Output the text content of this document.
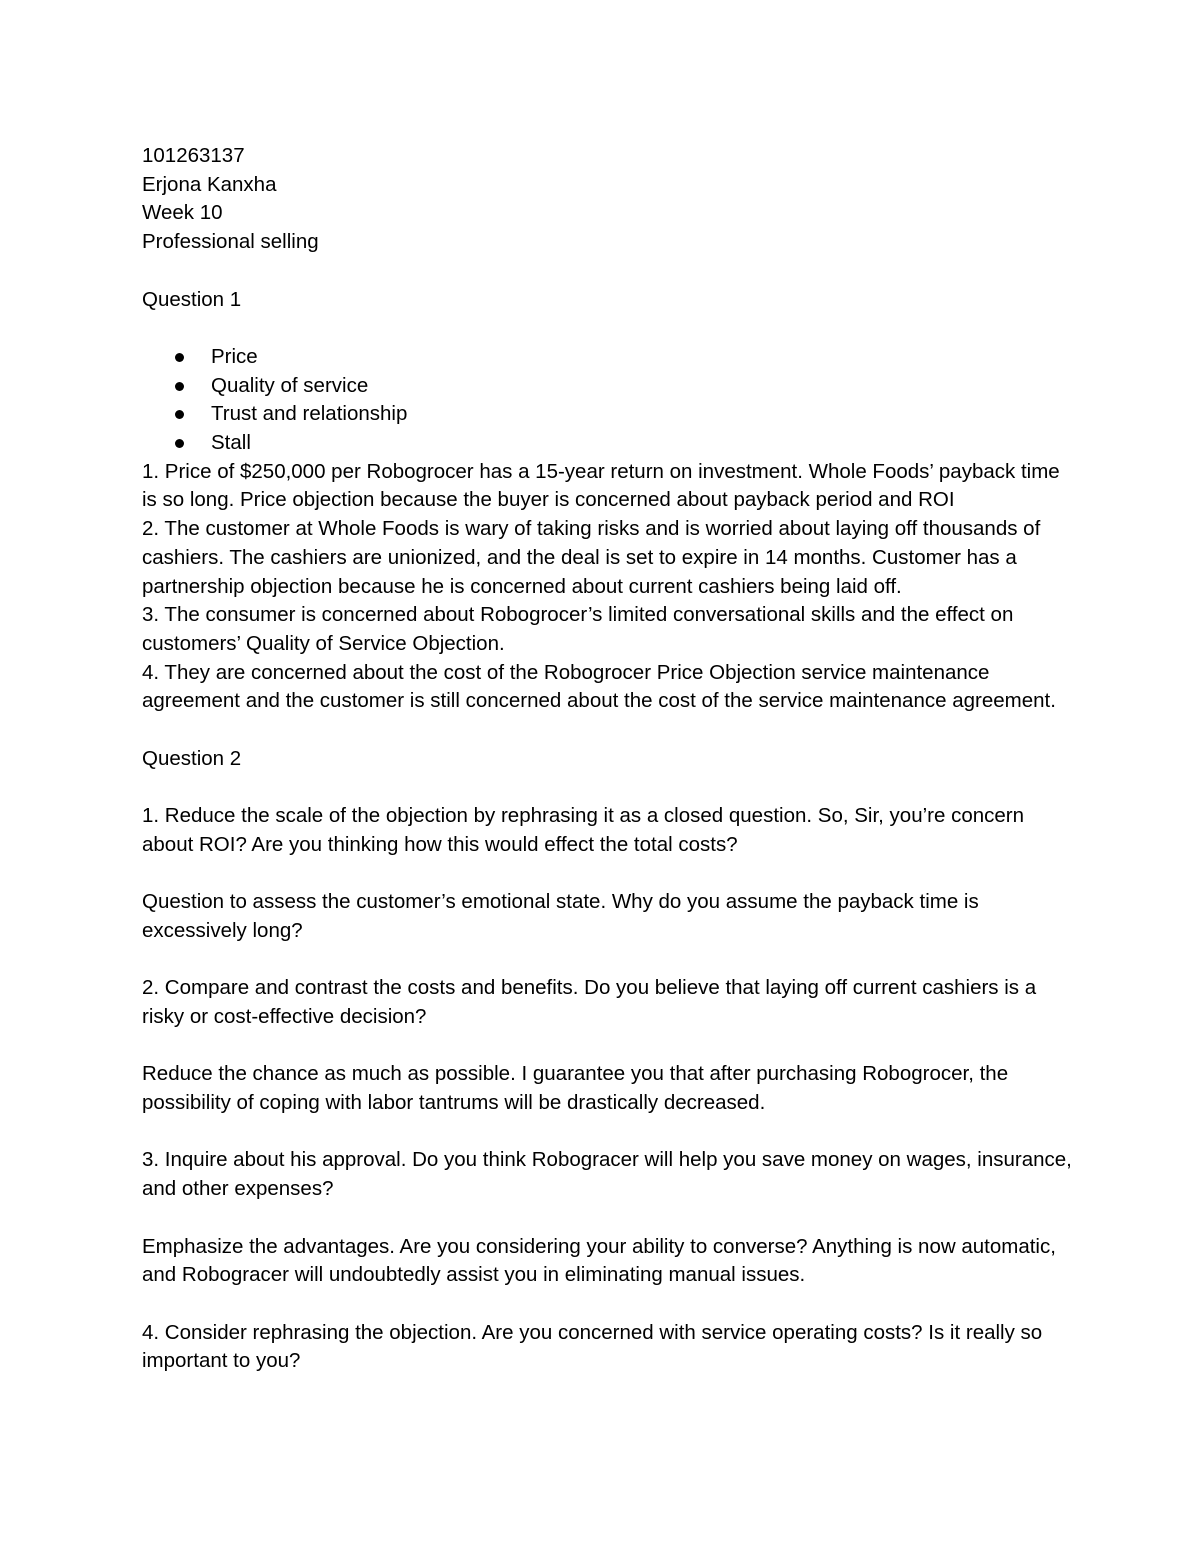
101263137

Erjona Kanxha

Week 10

Professional selling

Question 1

Price
Quality of service
Trust and relationship
Stall

1. Price of $250,000 per Robogrocer has a 15-year return on investment. Whole Foods’ payback time is so long. Price objection because the buyer is concerned about payback period and ROI

2. The customer at Whole Foods is wary of taking risks and is worried about laying off thousands of cashiers. The cashiers are unionized, and the deal is set to expire in 14 months. Customer has a partnership objection because he is concerned about current cashiers being laid off.

3. The consumer is concerned about Robogrocer’s limited conversational skills and the effect on customers’ Quality of Service Objection.

4. They are concerned about the cost of the Robogrocer Price Objection service maintenance agreement and the customer is still concerned about the cost of the service maintenance agreement.

Question 2

1. Reduce the scale of the objection by rephrasing it as a closed question. So, Sir, you’re concern about ROI? Are you thinking how this would effect the total costs?

Question to assess the customer’s emotional state. Why do you assume the payback time is excessively long?

2. Compare and contrast the costs and benefits. Do you believe that laying off current cashiers is a risky or cost-effective decision?

Reduce the chance as much as possible. I guarantee you that after purchasing Robogrocer, the possibility of coping with labor tantrums will be drastically decreased.

3. Inquire about his approval. Do you think Robogracer will help you save money on wages, insurance, and other expenses?

Emphasize the advantages. Are you considering your ability to converse? Anything is now automatic, and Robogracer will undoubtedly assist you in eliminating manual issues.

4. Consider rephrasing the objection. Are you concerned with service operating costs? Is it really so important to you?
